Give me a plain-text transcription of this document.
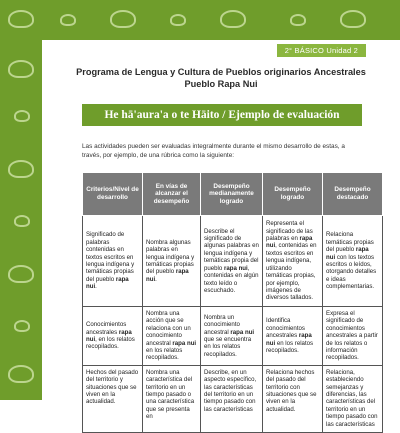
2° BÁSICO Unidad 2
Programa de Lengua y Cultura de Pueblos originarios Ancestrales
Pueblo Rapa Nui
He hā'aura'a o te Hāito / Ejemplo de evaluación
Las actividades pueden ser evaluadas integralmente durante el mismo desarrollo de estas, a
través, por ejemplo, de una rúbrica como la siguiente:
Criterios/Nivel de desarrollo	En vías de alcanzar el desempeño	Desempeño medianamente logrado	Desempeño logrado	Desempeño destacado
Significado de palabras contenidas en textos escritos en lengua indígena y temáticas propias del pueblo rapa nui.	Nombra algunas palabras en lengua indígena y temáticas propias del pueblo rapa nui.	Describe el significado de algunas palabras en lengua indígena y temáticas propia del pueblo rapa nui, contenidas en algún texto leído o escuchado.	Representa el significado de las palabras en rapa nui, contenidas en textos escritos en lengua indígena, utilizando temáticas propias, por ejemplo, imágenes de diversos tallados.	Relaciona temáticas propias del pueblo rapa nui con los textos escritos o leídos, otorgando detalles e ideas complementarias.
Conocimientos ancestrales rapa nui, en los relatos recopilados.	Nombra una acción que se relaciona con un conocimiento ancestral rapa nui en los relatos recopilados.	Nombra un conocimiento ancestral rapa nui que se encuentra en los relatos recopilados.	Identifica conocimientos ancestrales rapa nui en los relatos recopilados.	Expresa el significado de conocimientos ancestrales a partir de los relatos o información recopilados.
Hechos del pasado del territorio y situaciones que se viven en la actualidad.	Nombra una característica del territorio en un tiempo pasado o una característica que se presenta en	Describe, en un aspecto específico, las características del territorio en un tiempo pasado con las características	Relaciona hechos del pasado del territorio con situaciones que se viven en la actualidad.	Relaciona, estableciendo semejanzas y diferencias, las características del territorio en un tiempo pasado con las características
